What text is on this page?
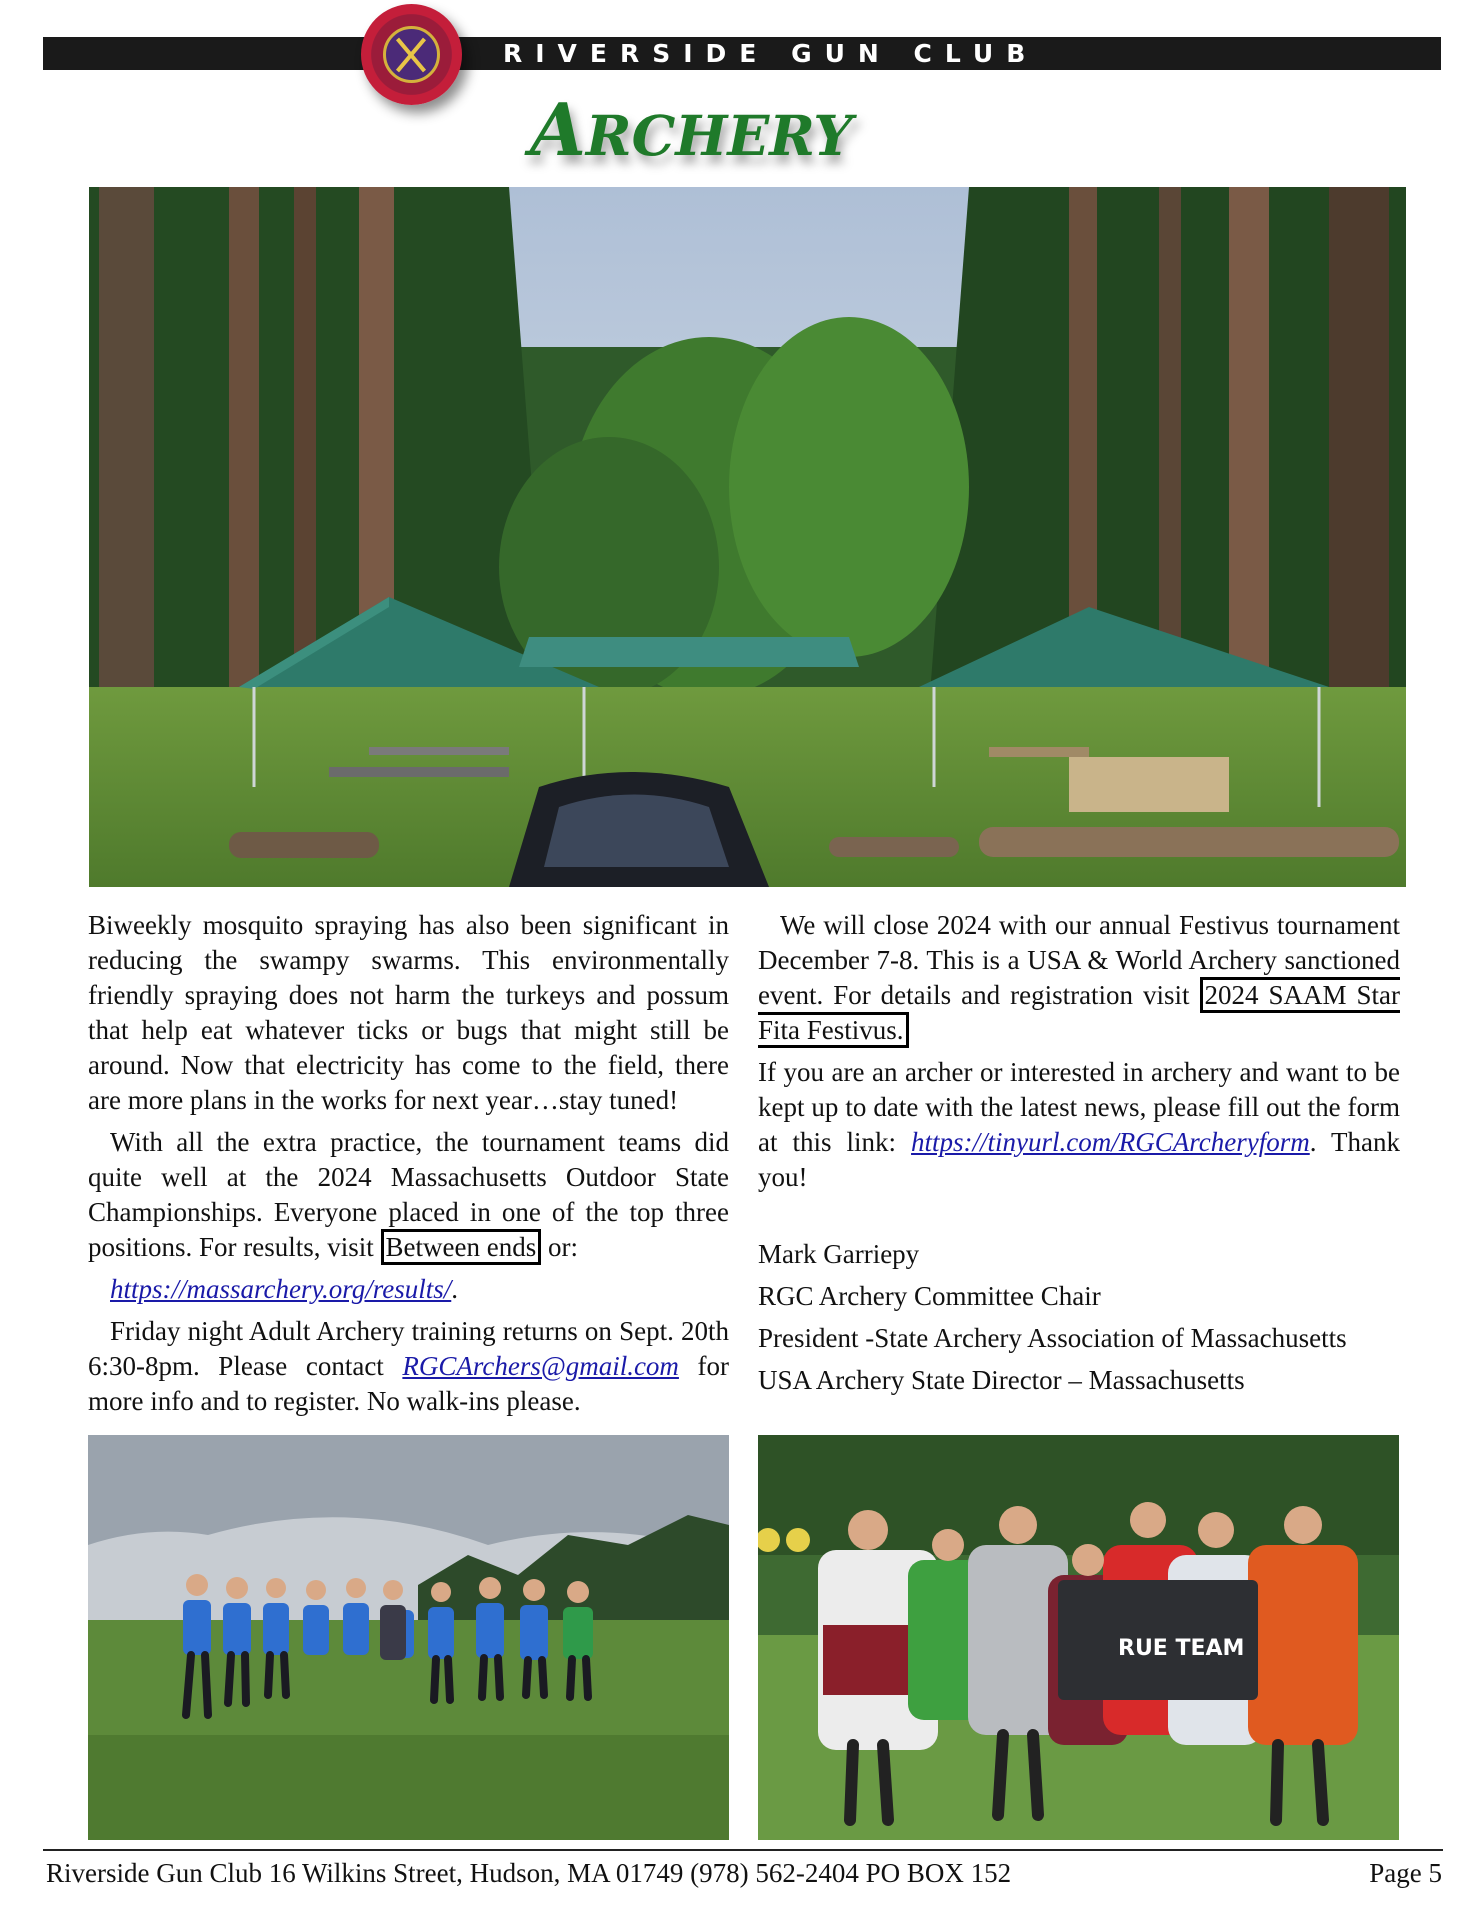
RIVERSIDE GUN CLUB
ARCHERY

Biweekly mosquito spraying has also been significant in reducing the swampy swarms. This environmentally friendly spraying does not harm the turkeys and possum that help eat whatever ticks or bugs that might still be around. Now that electricity has come to the field, there are more plans in the works for next year…stay tuned!

With all the extra practice, the tournament teams did quite well at the 2024 Massachusetts Outdoor State Championships. Everyone placed in one of the top three positions. For results, visit Between ends or:

https://massarchery.org/results/.

Friday night Adult Archery training returns on Sept. 20th 6:30-8pm. Please contact RGCArchers@gmail.com for more info and to register. No walk-ins please.

We will close 2024 with our annual Festivus tournament December 7-8. This is a USA & World Archery sanctioned event. For details and registration visit 2024 SAAM Star Fita Festivus.

If you are an archer or interested in archery and want to be kept up to date with the latest news, please fill out the form at this link: https://tinyurl.com/RGCArcheryform. Thank you!

Mark Garriepy

RGC Archery Committee Chair

President -State Archery Association of Massachusetts

USA Archery State Director – Massachusetts

RUE TEAM
Riverside Gun Club 16 Wilkins Street, Hudson, MA 01749 (978) 562-2404 PO BOX 152	Page 5
